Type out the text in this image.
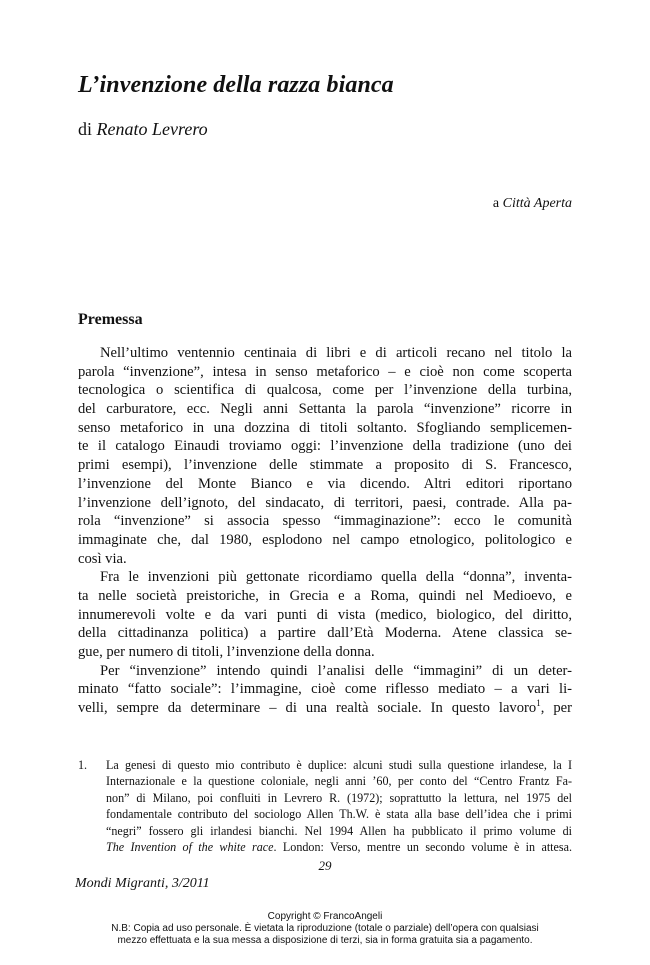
L’invenzione della razza bianca

di Renato Levrero

a Città Aperta
Premessa
Nell’ultimo ventennio centinaia di libri e di articoli recano nel titolo la
parola “invenzione”, intesa in senso metaforico – e cioè non come scoperta
tecnologica o scientifica di qualcosa, come per l’invenzione della turbina,
del carburatore, ecc. Negli anni Settanta la parola “invenzione” ricorre in
senso metaforico in una dozzina di titoli soltanto. Sfogliando semplicemen-
te il catalogo Einaudi troviamo oggi: l’invenzione della tradizione (uno dei
primi esempi), l’invenzione delle stimmate a proposito di S. Francesco,
l’invenzione del Monte Bianco e via dicendo. Altri editori riportano
l’invenzione dell’ignoto, del sindacato, di territori, paesi, contrade. Alla pa-
rola “invenzione” si associa spesso “immaginazione”: ecco le comunità
immaginate che, dal 1980, esplodono nel campo etnologico, politologico e
così via.
Fra le invenzioni più gettonate ricordiamo quella della “donna”, inventa-
ta nelle società preistoriche, in Grecia e a Roma, quindi nel Medioevo, e
innumerevoli volte e da vari punti di vista (medico, biologico, del diritto,
della cittadinanza politica) a partire dall’Età Moderna. Atene classica se-
gue, per numero di titoli, l’invenzione della donna.
Per “invenzione” intendo quindi l’analisi delle “immagini” di un deter-
minato “fatto sociale”: l’immagine, cioè come riflesso mediato – a vari li-
velli, sempre da determinare – di una realtà sociale. In questo lavoro$^1$, per
1. La genesi di questo mio contributo è duplice: alcuni studi sulla questione irlandese, la I
Internazionale e la questione coloniale, negli anni ’60, per conto del “Centro Frantz Fa-
non” di Milano, poi confluiti in Levrero R. (1972); soprattutto la lettura, nel 1975 del
fondamentale contributo del sociologo Allen Th.W. è stata alla base dell’idea che i primi
“negri” fossero gli irlandesi bianchi. Nel 1994 Allen ha pubblicato il primo volume di
The Invention of the white race. London: Verso, mentre un secondo volume è in attesa.
29
Mondi Migranti, 3/2011
Copyright © FrancoAngeli
N.B: Copia ad uso personale. È vietata la riproduzione (totale o parziale) dell’opera con qualsiasi
mezzo effettuata e la sua messa a disposizione di terzi, sia in forma gratuita sia a pagamento.
